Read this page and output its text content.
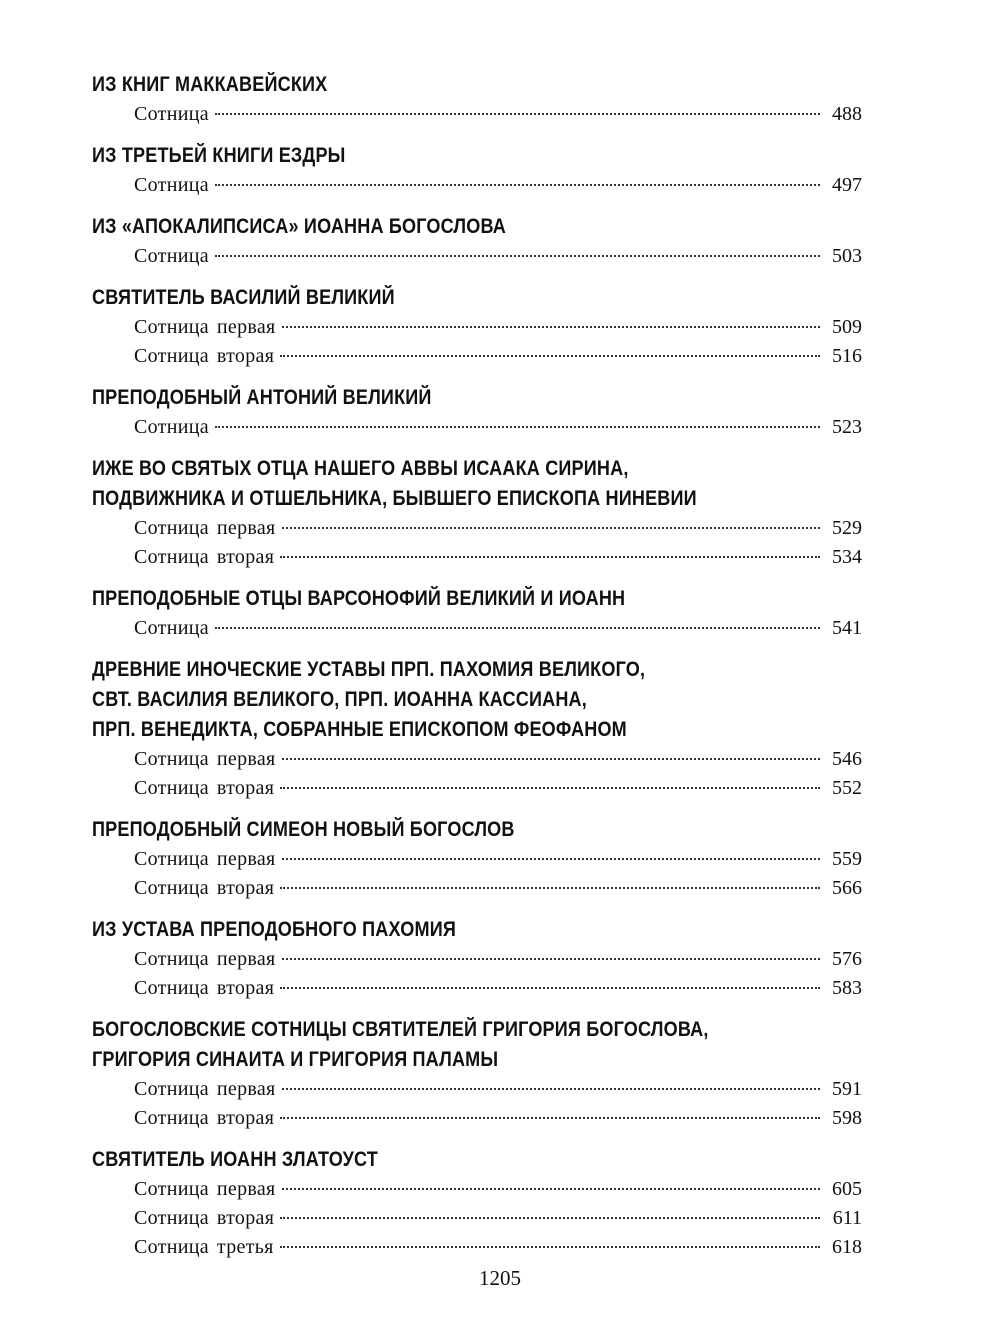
ИЗ КНИГ МАККАВЕЙСКИХ
Сотница	488
ИЗ ТРЕТЬЕЙ КНИГИ ЕЗДРЫ
Сотница	497
ИЗ «АПОКАЛИПСИСА» ИОАННА БОГОСЛОВА
Сотница	503
СВЯТИТЕЛЬ ВАСИЛИЙ ВЕЛИКИЙ
Сотница первая	509
Сотница вторая	516
ПРЕПОДОБНЫЙ АНТОНИЙ ВЕЛИКИЙ
Сотница	523
ИЖЕ ВО СВЯТЫХ ОТЦА НАШЕГО АВВЫ ИСААКА СИРИНА,
ПОДВИЖНИКА И ОТШЕЛЬНИКА, БЫВШЕГО ЕПИСКОПА НИНЕВИИ
Сотница первая	529
Сотница вторая	534
ПРЕПОДОБНЫЕ ОТЦЫ ВАРСОНОФИЙ ВЕЛИКИЙ И ИОАНН
Сотница	541
ДРЕВНИЕ ИНОЧЕСКИЕ УСТАВЫ ПРП. ПАХОМИЯ ВЕЛИКОГО,
СВТ. ВАСИЛИЯ ВЕЛИКОГО, ПРП. ИОАННА КАССИАНА,
ПРП. ВЕНЕДИКТА, СОБРАННЫЕ ЕПИСКОПОМ ФЕОФАНОМ
Сотница первая	546
Сотница вторая	552
ПРЕПОДОБНЫЙ СИМЕОН НОВЫЙ БОГОСЛОВ
Сотница первая	559
Сотница вторая	566
ИЗ УСТАВА ПРЕПОДОБНОГО ПАХОМИЯ
Сотница первая	576
Сотница вторая	583
БОГОСЛОВСКИЕ СОТНИЦЫ СВЯТИТЕЛЕЙ ГРИГОРИЯ БОГОСЛОВА,
ГРИГОРИЯ СИНАИТА И ГРИГОРИЯ ПАЛАМЫ
Сотница первая	591
Сотница вторая	598
СВЯТИТЕЛЬ ИОАНН ЗЛАТОУСТ
Сотница первая	605
Сотница вторая	611
Сотница третья	618
1205
